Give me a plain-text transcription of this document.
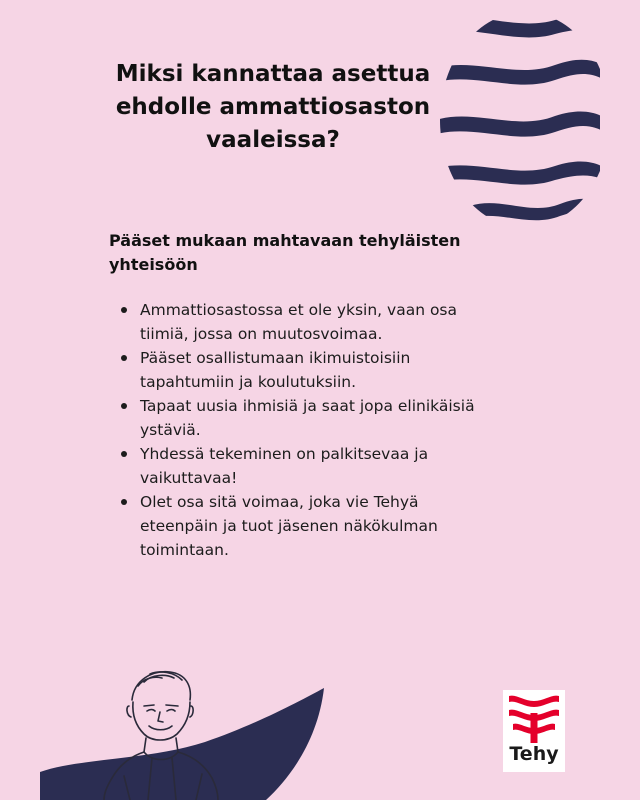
Miksi kannattaa asettua
ehdolle ammattiosaston
vaaleissa?
Pääset mukaan mahtavaan tehyläisten
yhteisöön
Ammattiosastossa et ole yksin, vaan osa
tiimiä, jossa on muutosvoimaa.
Pääset osallistumaan ikimuistoisiin
tapahtumiin ja koulutuksiin.
Tapaat uusia ihmisiä ja saat jopa elinikäisiä
ystäviä.
Yhdessä tekeminen on palkitsevaa ja
vaikuttavaa!
Olet osa sitä voimaa, joka vie Tehyä
eteenpäin ja tuot jäsenen näkökulman
toimintaan.
Tehy
